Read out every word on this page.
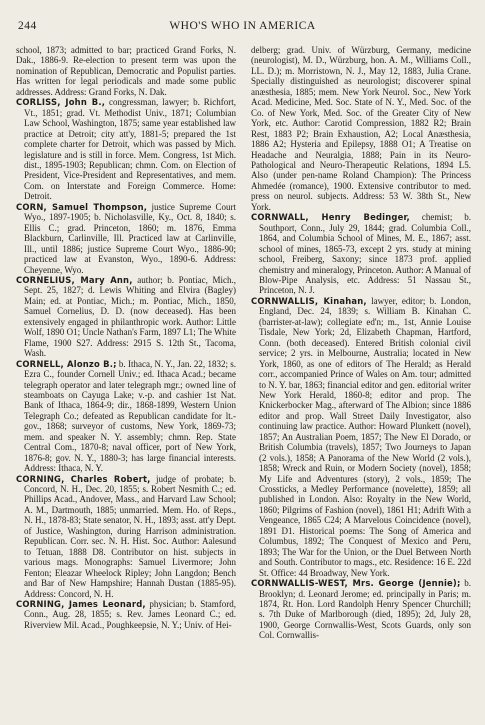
244	WHO'S WHO IN AMERICA

school, 1873; admitted to bar; practiced Grand Forks, N. Dak., 1886-9. Re-election to present term was upon the nomination of Republican, Democratic and Populist parties. Has written for legal periodicals and made some public addresses. Address: Grand Forks, N. Dak.

CORLISS, John B., congressman, lawyer; b. Richfort, Vt., 1851; grad. Vt. Methodist Univ., 1871; Columbian Law School, Washington, 1875; same year established law practice at Detroit; city att'y, 1881-5; prepared the 1st complete charter for Detroit, which was passed by Mich. legislature and is still in force. Mem. Congress, 1st Mich. dist., 1895-1903; Republican; chmn. Com. on Election of President, Vice-President and Representatives, and mem. Com. on Interstate and Foreign Commerce. Home: Detroit.

CORN, Samuel Thompson, justice Supreme Court Wyo., 1897-1905; b. Nicholasville, Ky., Oct. 8, 1840; s. Ellis C.; grad. Princeton, 1860; m. 1876, Emma Blackburn, Carlinville, Ill. Practiced law at Carlinville, Ill., until 1886; justice Supreme Court Wyo., 1886-90; practiced law at Evanston, Wyo., 1890-6. Address: Cheyenne, Wyo.

CORNELIUS, Mary Ann, author; b. Pontiac, Mich., Sept. 25, 1827; d. Lewis Whiting and Elvira (Bagley) Main; ed. at Pontiac, Mich.; m. Pontiac, Mich., 1850, Samuel Cornelius, D. D. (now deceased). Has been extensively engaged in philanthropic work. Author: Little Wolf, 1890 O1; Uncle Nathan's Farm, 1897 L1; The White Flame, 1900 S27. Address: 2915 S. 12th St., Tacoma, Wash.

CORNELL, Alonzo B.; b. Ithaca, N. Y., Jan. 22, 1832; s. Ezra C., founder Cornell Univ.; ed. Ithaca Acad.; became telegraph operator and later telegraph mgr.; owned line of steamboats on Cayuga Lake; v.-p. and cashier 1st Nat. Bank of Ithaca, 1864-9; dir., 1868-1899, Western Union Telegraph Co.; defeated as Republican candidate for lt.-gov., 1868; surveyor of customs, New York, 1869-73; mem. and speaker N. Y. assembly; chmn. Rep. State Central Com., 1870-8; naval officer, port of New York, 1876-8; gov. N. Y., 1880-3; has large financial interests. Address: Ithaca, N. Y.

CORNING, Charles Robert, judge of probate; b. Concord, N. H., Dec. 20, 1855; s. Robert Nesmith C.; ed. Phillips Acad., Andover, Mass., and Harvard Law School; A. M., Dartmouth, 1885; unmarried. Mem. Ho. of Reps., N. H., 1878-83; State senator, N. H., 1893; asst. att'y Dept. of Justice, Washington, during Harrison administration. Republican. Corr. sec. N. H. Hist. Soc. Author: Aalesund to Tetuan, 1888 D8. Contributor on hist. subjects in various mags. Monographs: Samuel Livermore; John Fenton; Eleazar Wheelock Ripley; John Langdon; Bench and Bar of New Hampshire; Hannah Dustan (1885-95). Address: Concord, N. H.

CORNING, James Leonard, physician; b. Stamford, Conn., Aug. 28, 1855; s. Rev. James Leonard C.; ed. Riverview Mil. Acad., Poughkeepsie, N. Y.; Univ. of Hei-

delberg; grad. Univ. of Würzburg, Germany, medicine (neurologist), M. D., Würzburg, hon. A. M., Williams Coll., LL. D.); m. Morristown, N. J., May 12, 1883, Julia Crane. Specially distinguished as neurologist; discoverer spinal anæsthesia, 1885; mem. New York Neurol. Soc., New York Acad. Medicine, Med. Soc. State of N. Y., Med. Soc. of the Co. of New York, Med. Soc. of the Greater City of New York, etc. Author: Carotid Compression, 1882 R2; Brain Rest, 1883 P2; Brain Exhaustion, A2; Local Anæsthesia, 1886 A2; Hysteria and Epilepsy, 1888 O1; A Treatise on Headache and Neuralgia, 1888; Pain in its Neuro-Pathological and Neuro-Therapeutic Relations, 1894 L5. Also (under pen-name Roland Champion): The Princess Ahmedée (romance), 1900. Extensive contributor to med. press on neurol. subjects. Address: 53 W. 38th St., New York.

CORNWALL, Henry Bedinger, chemist; b. Southport, Conn., July 29, 1844; grad. Columbia Coll., 1864, and Columbia School of Mines, M. E., 1867; asst. school of mines, 1865-73, except 2 yrs. study at mining school, Freiberg, Saxony; since 1873 prof. applied chemistry and mineralogy, Princeton. Author: A Manual of Blow-Pipe Analysis, etc. Address: 51 Nassau St., Princeton, N. J.

CORNWALLIS, Kinahan, lawyer, editor; b. London, England, Dec. 24, 1839; s. William B. Kinahan C. (barrister-at-law); collegiate ed'n; m., 1st, Annie Louise Tisdale, New York; 2d, Elizabeth Chapman, Hartford, Conn. (both deceased). Entered British colonial civil service; 2 yrs. in Melbourne, Australia; located in New York, 1860, as one of editors of The Herald; as Herald corr., accompanied Prince of Wales on Am. tour; admitted to N. Y. bar, 1863; financial editor and gen. editorial writer New York Herald, 1860-8; editor and prop. The Knickerbocker Mag., afterward of The Albion; since 1886 editor and prop. Wall Street Daily Investigator, also continuing law practice. Author: Howard Plunkett (novel), 1857; An Australian Poem, 1857; The New El Dorado, or British Columbia (travels), 1857; Two Journeys to Japan (2 vols.), 1858; A Panorama of the New World (2 vols.), 1858; Wreck and Ruin, or Modern Society (novel), 1858; My Life and Adventures (story), 2 vols., 1859; The Crossticks, a Medley Performance (novelette), 1859; all published in London. Also: Royalty in the New World, 1860; Pilgrims of Fashion (novel), 1861 H1; Adrift With a Vengeance, 1865 C24; A Marvelous Coincidence (novel), 1891 D1. Historical poems: The Song of America and Columbus, 1892; The Conquest of Mexico and Peru, 1893; The War for the Union, or the Duel Between North and South. Contributor to mags., etc. Residence: 16 E. 22d St. Office: 44 Broadway, New York.

CORNWALLIS-WEST, Mrs. George (Jennie); b. Brooklyn; d. Leonard Jerome; ed. principally in Paris; m. 1874, Rt. Hon. Lord Randolph Henry Spencer Churchill; s. 7th Duke of Marlborough (died, 1895); 2d, July 28, 1900, George Cornwallis-West, Scots Guards, only son Col. Cornwallis-
